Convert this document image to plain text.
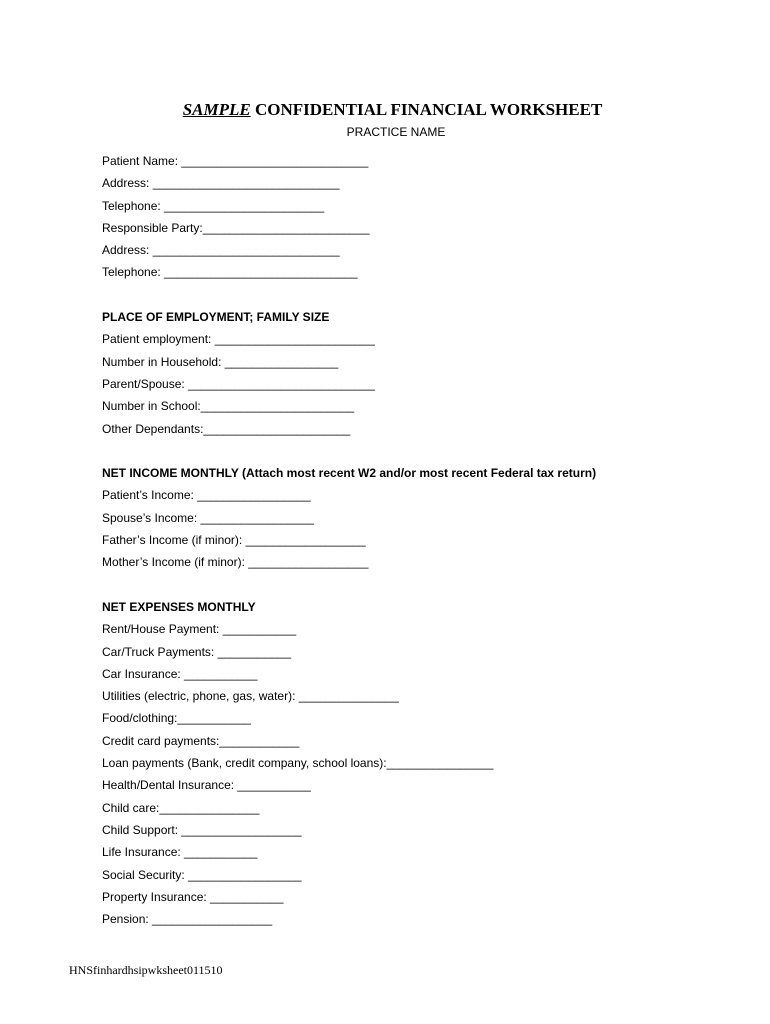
SAMPLE CONFIDENTIAL FINANCIAL WORKSHEET
PRACTICE NAME
Patient Name: ____________________________
Address: ____________________________
Telephone: ________________________
Responsible Party:_________________________
Address: ____________________________
Telephone: _____________________________
PLACE OF EMPLOYMENT; FAMILY SIZE
Patient employment: ________________________
Number in Household: _________________
Parent/Spouse: ____________________________
Number in School:_______________________
Other Dependants:______________________
NET INCOME MONTHLY (Attach most recent W2 and/or most recent Federal tax return)
Patient’s Income: _________________
Spouse’s Income: _________________
Father’s Income (if minor): __________________
Mother’s Income (if minor): __________________
NET EXPENSES MONTHLY
Rent/House Payment: ___________
Car/Truck Payments: ___________
Car Insurance: ___________
Utilities (electric, phone, gas, water): _______________
Food/clothing:___________
Credit card payments:____________
Loan payments (Bank, credit company, school loans):________________
Health/Dental Insurance: ___________
Child care:_______________
Child Support: __________________
Life Insurance: ___________
Social Security: _________________
Property Insurance: ___________
Pension: __________________
HNSfinhardhsipwksheet011510
